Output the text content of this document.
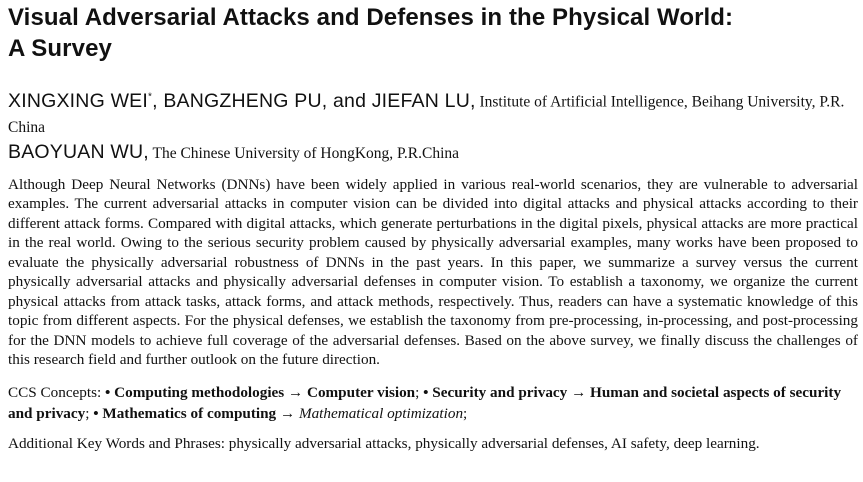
Visual Adversarial Attacks and Defenses in the Physical World:
A Survey

XINGXING WEI*, BANGZHENG PU, and JIEFAN LU, Institute of Artificial Intelligence, Beihang University, P.R. China

BAOYUAN WU, The Chinese University of HongKong, P.R.China

Although Deep Neural Networks (DNNs) have been widely applied in various real-world scenarios, they are vulnerable to adversarial examples. The current adversarial attacks in computer vision can be divided into digital attacks and physical attacks according to their different attack forms. Compared with digital attacks, which generate perturbations in the digital pixels, physical attacks are more practical in the real world. Owing to the serious security problem caused by physically adversarial examples, many works have been proposed to evaluate the physically adversarial robustness of DNNs in the past years. In this paper, we summarize a survey versus the current physically adversarial attacks and physically adversarial defenses in computer vision. To establish a taxonomy, we organize the current physical attacks from attack tasks, attack forms, and attack methods, respectively. Thus, readers can have a systematic knowledge of this topic from different aspects. For the physical defenses, we establish the taxonomy from pre-processing, in-processing, and post-processing for the DNN models to achieve full coverage of the adversarial defenses. Based on the above survey, we finally discuss the challenges of this research field and further outlook on the future direction.

CCS Concepts: • Computing methodologies → Computer vision; • Security and privacy → Human and societal aspects of security and privacy; • Mathematics of computing → Mathematical optimization;

Additional Key Words and Phrases: physically adversarial attacks, physically adversarial defenses, AI safety, deep learning.
